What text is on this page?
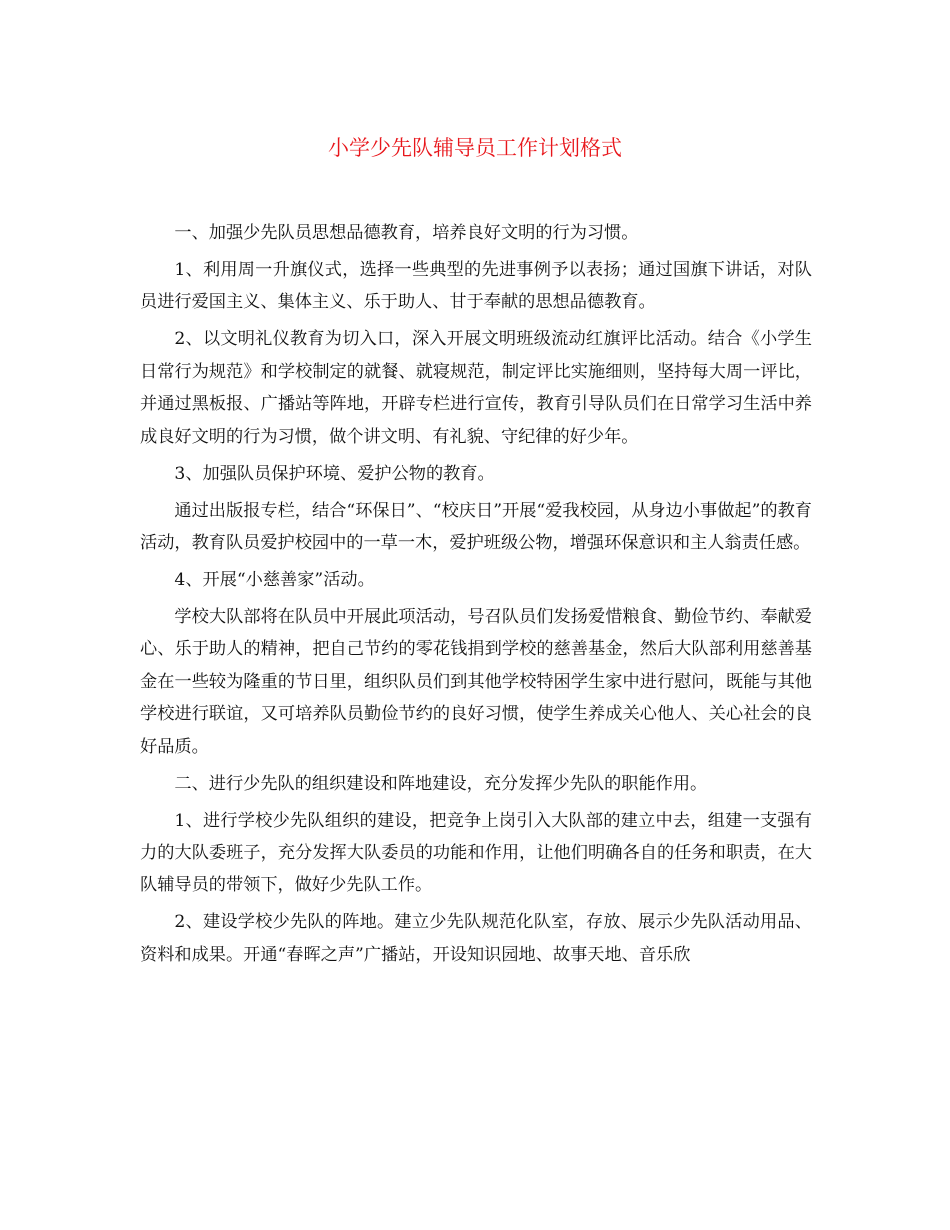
小学少先队辅导员工作计划格式

一、加强少先队员思想品德教育，培养良好文明的行为习惯。

1、利用周一升旗仪式，选择一些典型的先进事例予以表扬；通过国旗下讲话，对队员进行爱国主义、集体主义、乐于助人、甘于奉献的思想品德教育。

2、以文明礼仪教育为切入口，深入开展文明班级流动红旗评比活动。结合《小学生日常行为规范》和学校制定的就餐、就寝规范，制定评比实施细则，坚持每大周一评比，并通过黑板报、广播站等阵地，开辟专栏进行宣传，教育引导队员们在日常学习生活中养成良好文明的行为习惯，做个讲文明、有礼貌、守纪律的好少年。

3、加强队员保护环境、爱护公物的教育。

通过出版报专栏，结合“环保日”、“校庆日”开展“爱我校园，从身边小事做起”的教育活动，教育队员爱护校园中的一草一木，爱护班级公物，增强环保意识和主人翁责任感。

4、开展“小慈善家”活动。

学校大队部将在队员中开展此项活动，号召队员们发扬爱惜粮食、勤俭节约、奉献爱心、乐于助人的精神，把自己节约的零花钱捐到学校的慈善基金，然后大队部利用慈善基金在一些较为隆重的节日里，组织队员们到其他学校特困学生家中进行慰问，既能与其他学校进行联谊，又可培养队员勤俭节约的良好习惯，使学生养成关心他人、关心社会的良好品质。

二、进行少先队的组织建设和阵地建设，充分发挥少先队的职能作用。

1、进行学校少先队组织的建设，把竞争上岗引入大队部的建立中去，组建一支强有力的大队委班子，充分发挥大队委员的功能和作用，让他们明确各自的任务和职责，在大队辅导员的带领下，做好少先队工作。

2、建设学校少先队的阵地。建立少先队规范化队室，存放、展示少先队活动用品、资料和成果。开通“春晖之声”广播站，开设知识园地、故事天地、音乐欣
